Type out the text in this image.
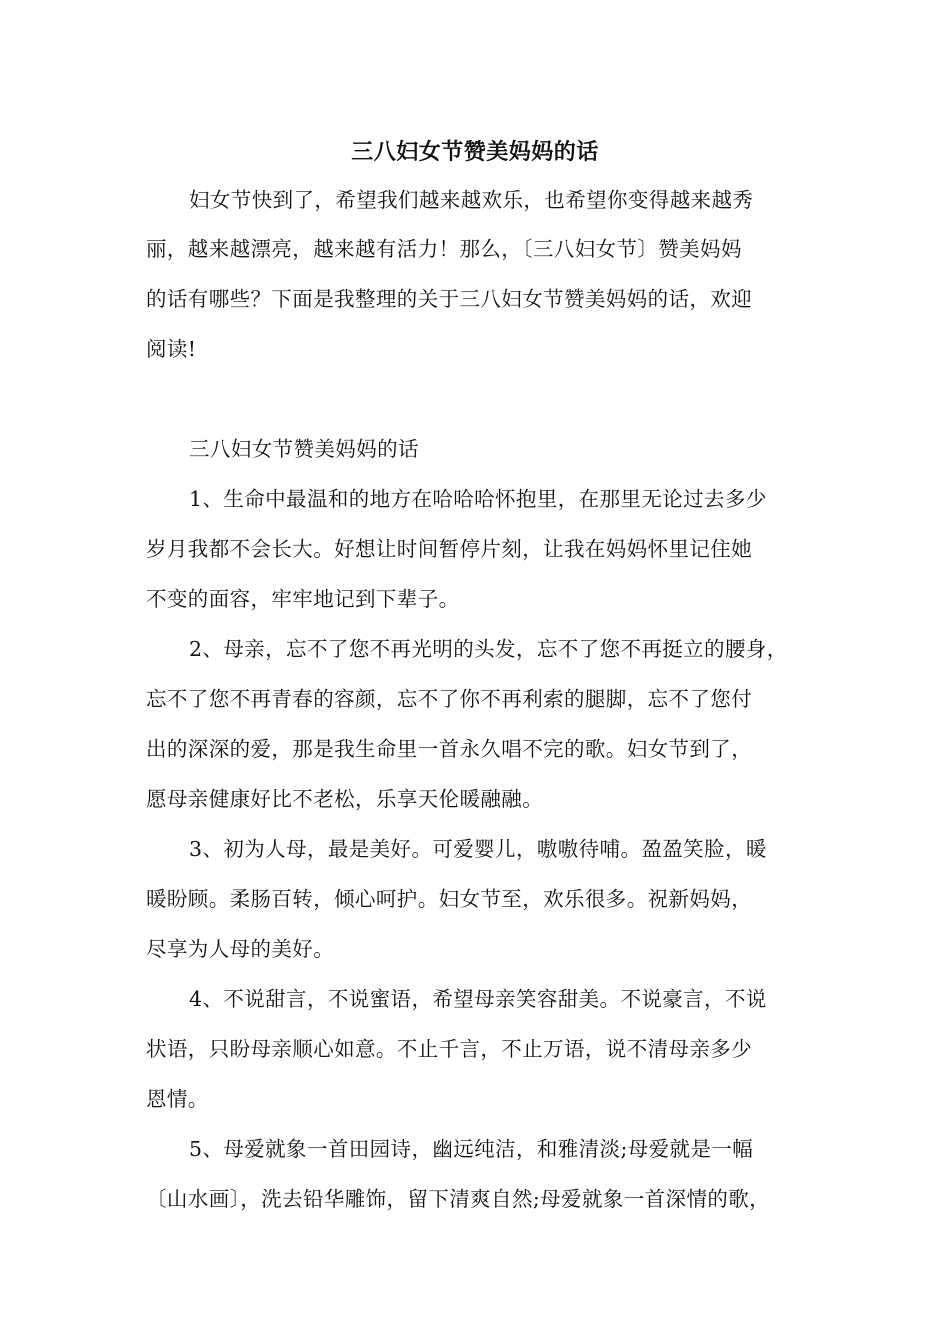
三八妇女节赞美妈妈的话
妇女节快到了，希望我们越来越欢乐，也希望你变得越来越秀
丽，越来越漂亮，越来越有活力！那么，〔三八妇女节〕赞美妈妈
的话有哪些？下面是我整理的关于三八妇女节赞美妈妈的话，欢迎
阅读!
三八妇女节赞美妈妈的话
1、生命中最温和的地方在哈哈哈怀抱里，在那里无论过去多少
岁月我都不会长大。好想让时间暂停片刻，让我在妈妈怀里记住她
不变的面容，牢牢地记到下辈子。
2、母亲，忘不了您不再光明的头发，忘不了您不再挺立的腰身，
忘不了您不再青春的容颜，忘不了你不再利索的腿脚，忘不了您付
出的深深的爱，那是我生命里一首永久唱不完的歌。妇女节到了，
愿母亲健康好比不老松，乐享天伦暖融融。
3、初为人母，最是美好。可爱婴儿，嗷嗷待哺。盈盈笑脸，暖
暖盼顾。柔肠百转，倾心呵护。妇女节至，欢乐很多。祝新妈妈，
尽享为人母的美好。
4、不说甜言，不说蜜语，希望母亲笑容甜美。不说豪言，不说
状语，只盼母亲顺心如意。不止千言，不止万语，说不清母亲多少
恩情。
5、母爱就象一首田园诗，幽远纯洁，和雅清淡;母爱就是一幅
〔山水画〕，洗去铅华雕饰，留下清爽自然;母爱就象一首深情的歌，
